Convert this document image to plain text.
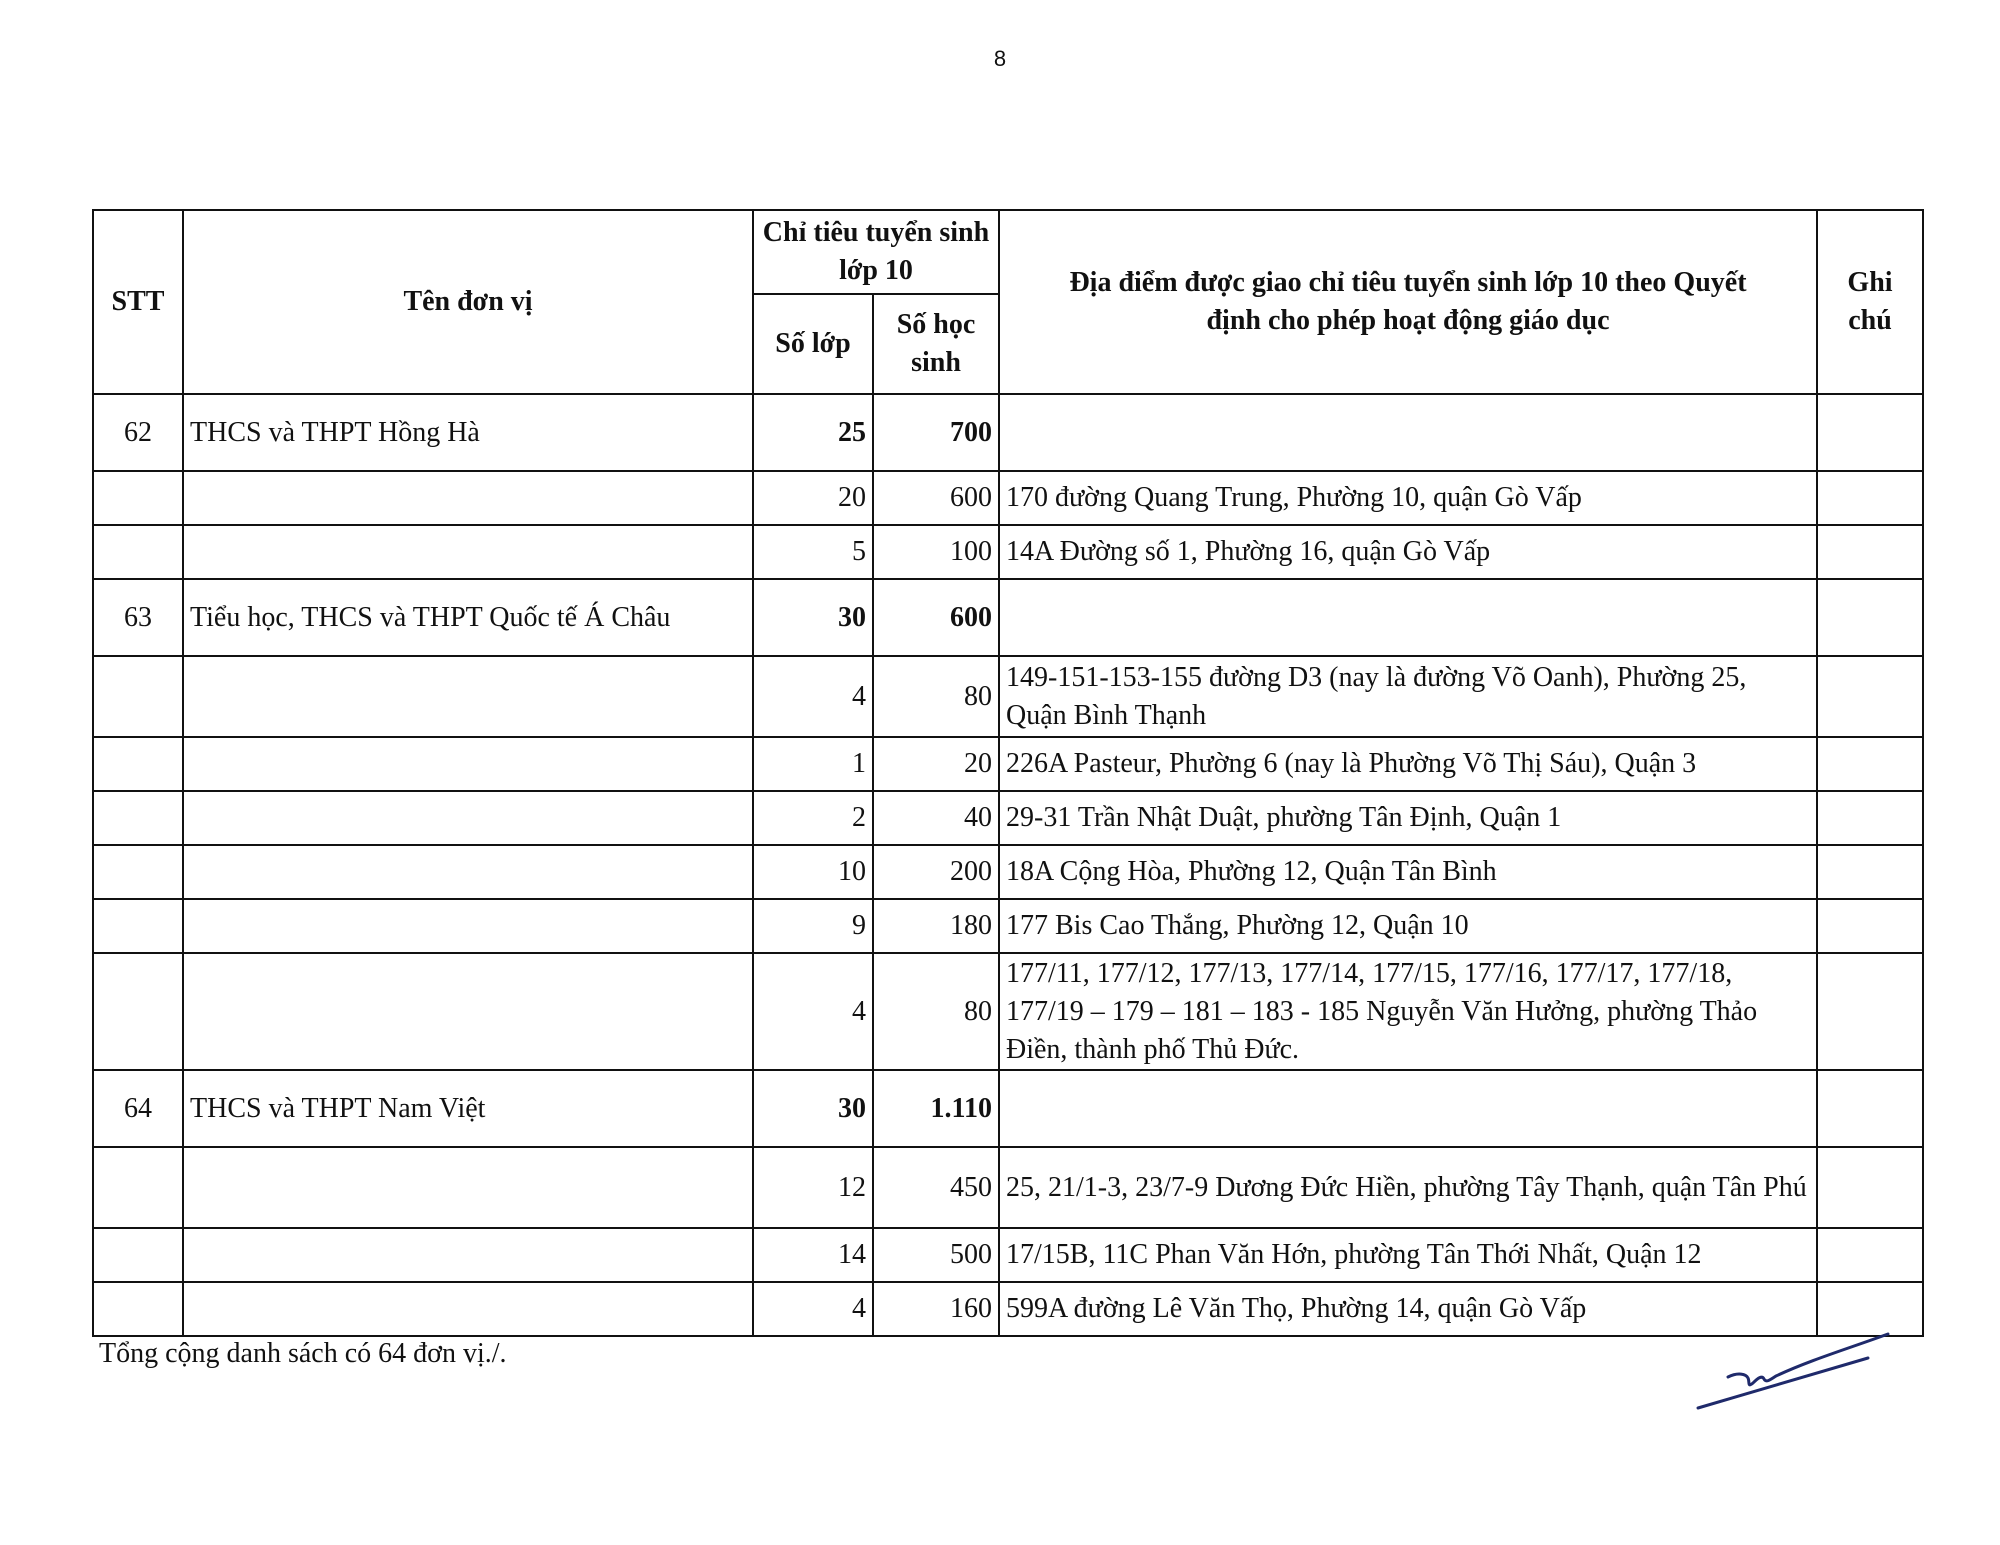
8
STT	Tên đơn vị	Chỉ tiêu tuyển sinh lớp 10		Địa điểm được giao chỉ tiêu tuyển sinh lớp 10 theo Quyết định cho phép hoạt động giáo dục	Ghi chú
		Số lớp	Số học sinh		
62	THCS và THPT Hồng Hà	25	700		
		20	600	170 đường Quang Trung, Phường 10, quận Gò Vấp	
		5	100	14A Đường số 1, Phường 16, quận Gò Vấp	
63	Tiểu học, THCS và THPT Quốc tế Á Châu	30	600		
		4	80	149-151-153-155 đường D3 (nay là đường Võ Oanh), Phường 25, Quận Bình Thạnh	
		1	20	226A Pasteur, Phường 6 (nay là Phường Võ Thị Sáu), Quận 3	
		2	40	29-31 Trần Nhật Duật, phường Tân Định, Quận 1	
		10	200	18A Cộng Hòa, Phường 12, Quận Tân Bình	
		9	180	177 Bis Cao Thắng, Phường 12, Quận 10	
		4	80	177/11, 177/12, 177/13, 177/14, 177/15, 177/16, 177/17, 177/18, 177/19 – 179 – 181 – 183 - 185 Nguyễn Văn Hưởng, phường Thảo Điền, thành phố Thủ Đức.	
64	THCS và THPT Nam Việt	30	1.110		
		12	450	25, 21/1-3, 23/7-9 Dương Đức Hiền, phường Tây Thạnh, quận Tân Phú	
		14	500	17/15B, 11C Phan Văn Hớn, phường Tân Thới Nhất, Quận 12	
		4	160	599A đường Lê Văn Thọ, Phường 14, quận Gò Vấp	
Tổng cộng danh sách có 64 đơn vị./.
